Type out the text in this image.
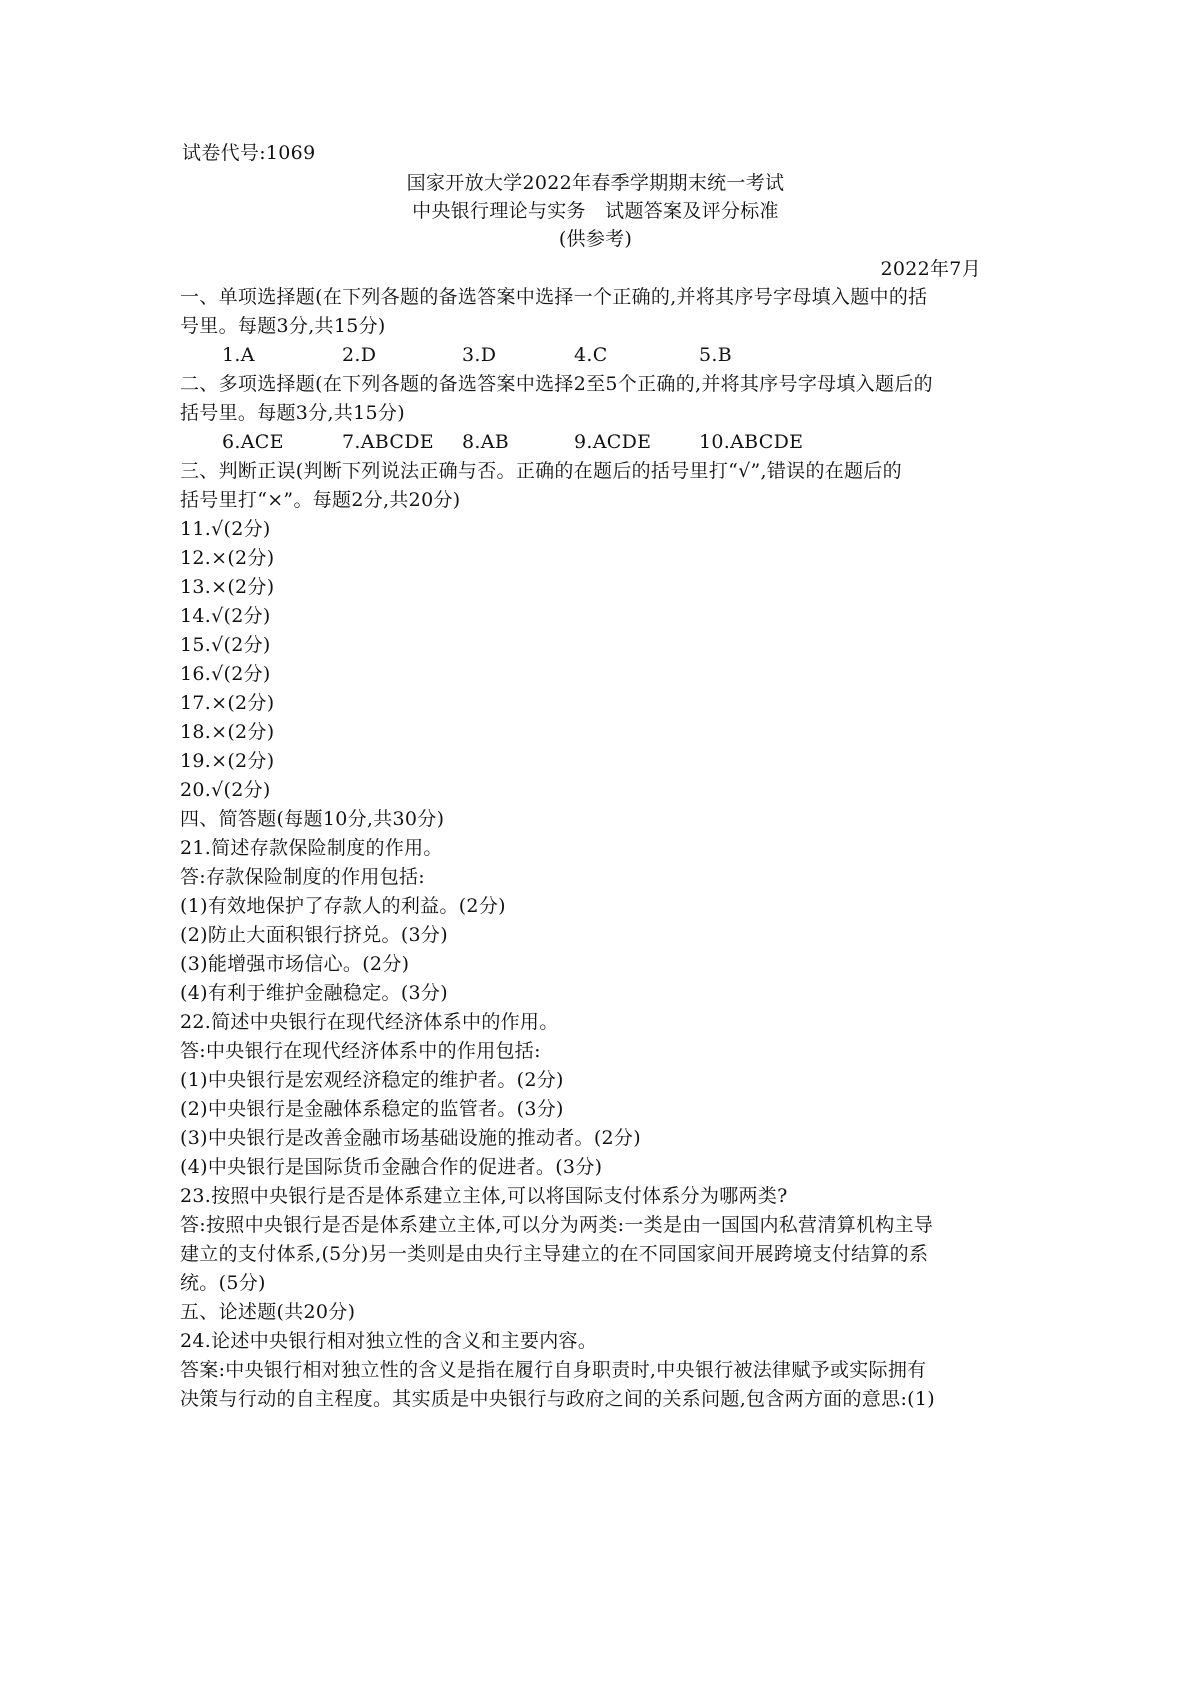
试卷代号:1069
国家开放大学2022年春季学期期末统一考试
中央银行理论与实务　试题答案及评分标准
(供参考)
2022年7月
一、单项选择题(在下列各题的备选答案中选择一个正确的,并将其序号字母填入题中的括
号里。每题3分,共15分)
1.A	2.D	3.D	4.C	5.B
二、多项选择题(在下列各题的备选答案中选择2至5个正确的,并将其序号字母填入题后的
括号里。每题3分,共15分)
6.ACE	7.ABCDE 8.AB	9.ACDE	10.ABCDE
三、判断正误(判断下列说法正确与否。正确的在题后的括号里打“√”,错误的在题后的
括号里打“×”。每题2分,共20分)
11.√(2分)
12.×(2分)
13.×(2分)
14.√(2分)
15.√(2分)
16.√(2分)
17.×(2分)
18.×(2分)
19.×(2分)
20.√(2分)
四、简答题(每题10分,共30分)
21.简述存款保险制度的作用。
答:存款保险制度的作用包括:
(1)有效地保护了存款人的利益。(2分)
(2)防止大面积银行挤兑。(3分)
(3)能增强市场信心。(2分)
(4)有利于维护金融稳定。(3分)
22.简述中央银行在现代经济体系中的作用。
答:中央银行在现代经济体系中的作用包括:
(1)中央银行是宏观经济稳定的维护者。(2分)
(2)中央银行是金融体系稳定的监管者。(3分)
(3)中央银行是改善金融市场基础设施的推动者。(2分)
(4)中央银行是国际货币金融合作的促进者。(3分)
23.按照中央银行是否是体系建立主体,可以将国际支付体系分为哪两类?
答:按照中央银行是否是体系建立主体,可以分为两类:一类是由一国国内私营清算机构主导
建立的支付体系,(5分)另一类则是由央行主导建立的在不同国家间开展跨境支付结算的系
统。(5分)
五、论述题(共20分)
24.论述中央银行相对独立性的含义和主要内容。
答案:中央银行相对独立性的含义是指在履行自身职责时,中央银行被法律赋予或实际拥有
决策与行动的自主程度。其实质是中央银行与政府之间的关系问题,包含两方面的意思:(1)
